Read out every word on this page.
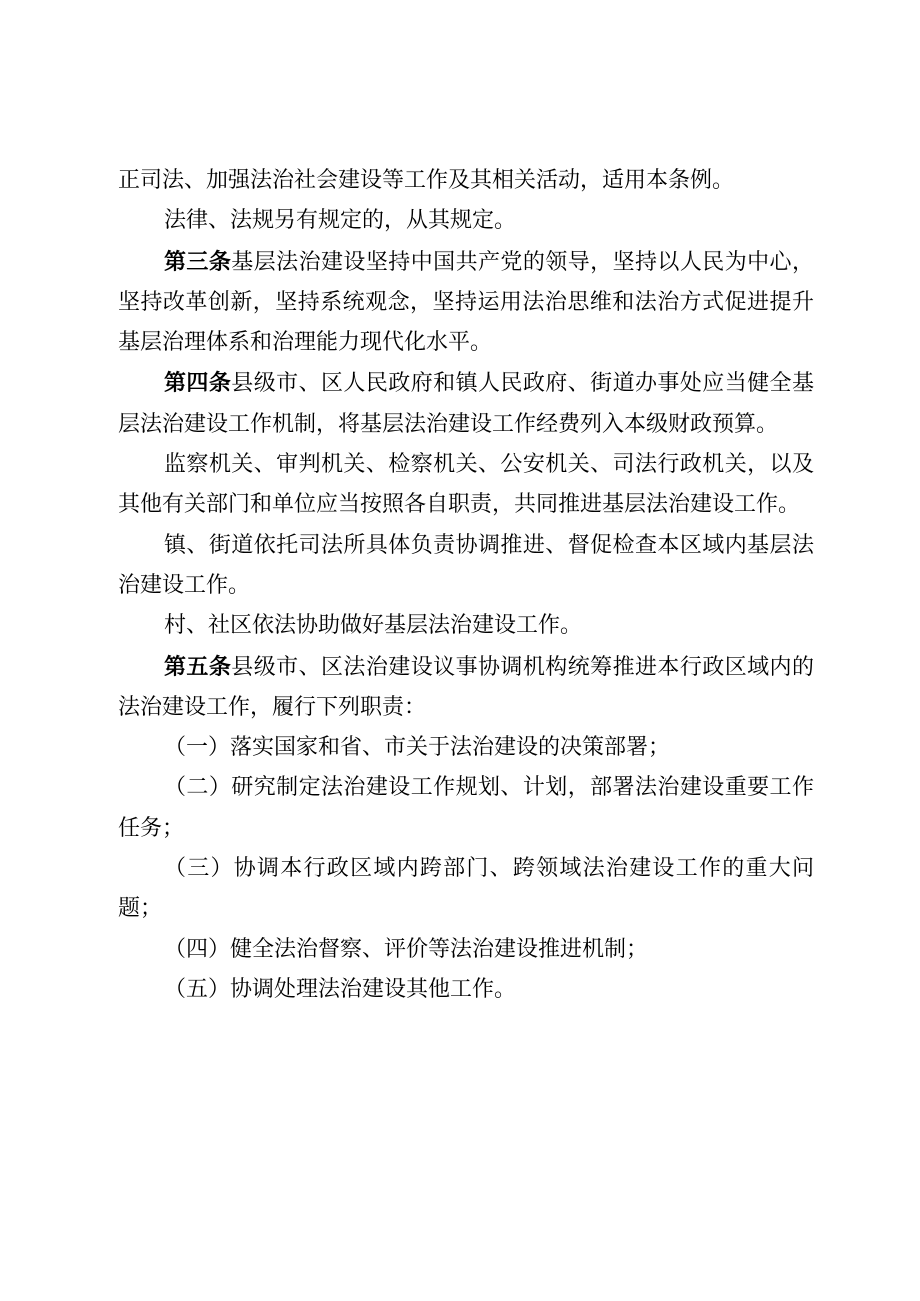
正司法、加强法治社会建设等工作及其相关活动，适用本条例。

法律、法规另有规定的，从其规定。

第三条基层法治建设坚持中国共产党的领导，坚持以人民为中心，坚持改革创新，坚持系统观念，坚持运用法治思维和法治方式促进提升基层治理体系和治理能力现代化水平。

第四条县级市、区人民政府和镇人民政府、街道办事处应当健全基层法治建设工作机制，将基层法治建设工作经费列入本级财政预算。

监察机关、审判机关、检察机关、公安机关、司法行政机关，以及其他有关部门和单位应当按照各自职责，共同推进基层法治建设工作。

镇、街道依托司法所具体负责协调推进、督促检查本区域内基层法治建设工作。

村、社区依法协助做好基层法治建设工作。

第五条县级市、区法治建设议事协调机构统筹推进本行政区域内的法治建设工作，履行下列职责：

（一）落实国家和省、市关于法治建设的决策部署；

（二）研究制定法治建设工作规划、计划，部署法治建设重要工作任务；

（三）协调本行政区域内跨部门、跨领域法治建设工作的重大问题；

（四）健全法治督察、评价等法治建设推进机制；

（五）协调处理法治建设其他工作。
